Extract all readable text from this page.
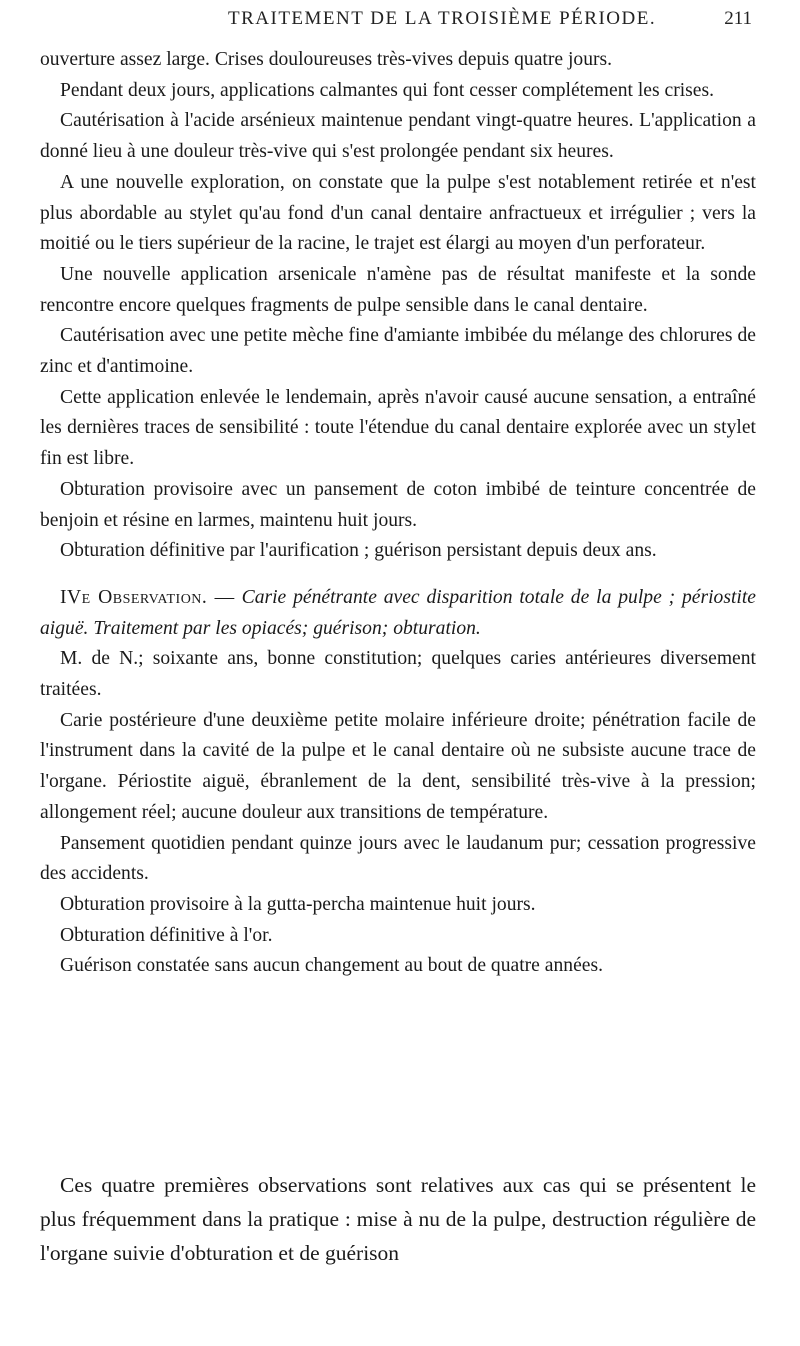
TRAITEMENT DE LA TROISIÈME PÉRIODE.	211

ouverture assez large. Crises douloureuses très-vives depuis quatre jours.

Pendant deux jours, applications calmantes qui font cesser complétement les crises.

Cautérisation à l'acide arsénieux maintenue pendant vingt-quatre heures. L'application a donné lieu à une douleur très-vive qui s'est prolongée pendant six heures.

A une nouvelle exploration, on constate que la pulpe s'est notablement retirée et n'est plus abordable au stylet qu'au fond d'un canal dentaire anfractueux et irrégulier ; vers la moitié ou le tiers supérieur de la racine, le trajet est élargi au moyen d'un perforateur.

Une nouvelle application arsenicale n'amène pas de résultat manifeste et la sonde rencontre encore quelques fragments de pulpe sensible dans le canal dentaire.

Cautérisation avec une petite mèche fine d'amiante imbibée du mélange des chlorures de zinc et d'antimoine.

Cette application enlevée le lendemain, après n'avoir causé aucune sensation, a entraîné les dernières traces de sensibilité : toute l'étendue du canal dentaire explorée avec un stylet fin est libre.

Obturation provisoire avec un pansement de coton imbibé de teinture concentrée de benjoin et résine en larmes, maintenu huit jours.

Obturation définitive par l'aurification ; guérison persistant depuis deux ans.

IVe Observation. — Carie pénétrante avec disparition totale de la pulpe ; périostite aiguë. Traitement par les opiacés; guérison; obturation.

M. de N.; soixante ans, bonne constitution; quelques caries antérieures diversement traitées.

Carie postérieure d'une deuxième petite molaire inférieure droite; pénétration facile de l'instrument dans la cavité de la pulpe et le canal dentaire où ne subsiste aucune trace de l'organe. Périostite aiguë, ébranlement de la dent, sensibilité très-vive à la pression; allongement réel; aucune douleur aux transitions de température.

Pansement quotidien pendant quinze jours avec le laudanum pur; cessation progressive des accidents.

Obturation provisoire à la gutta-percha maintenue huit jours.

Obturation définitive à l'or.

Guérison constatée sans aucun changement au bout de quatre années.

Ces quatre premières observations sont relatives aux cas qui se présentent le plus fréquemment dans la pratique : mise à nu de la pulpe, destruction régulière de l'organe suivie d'obturation et de guérison
